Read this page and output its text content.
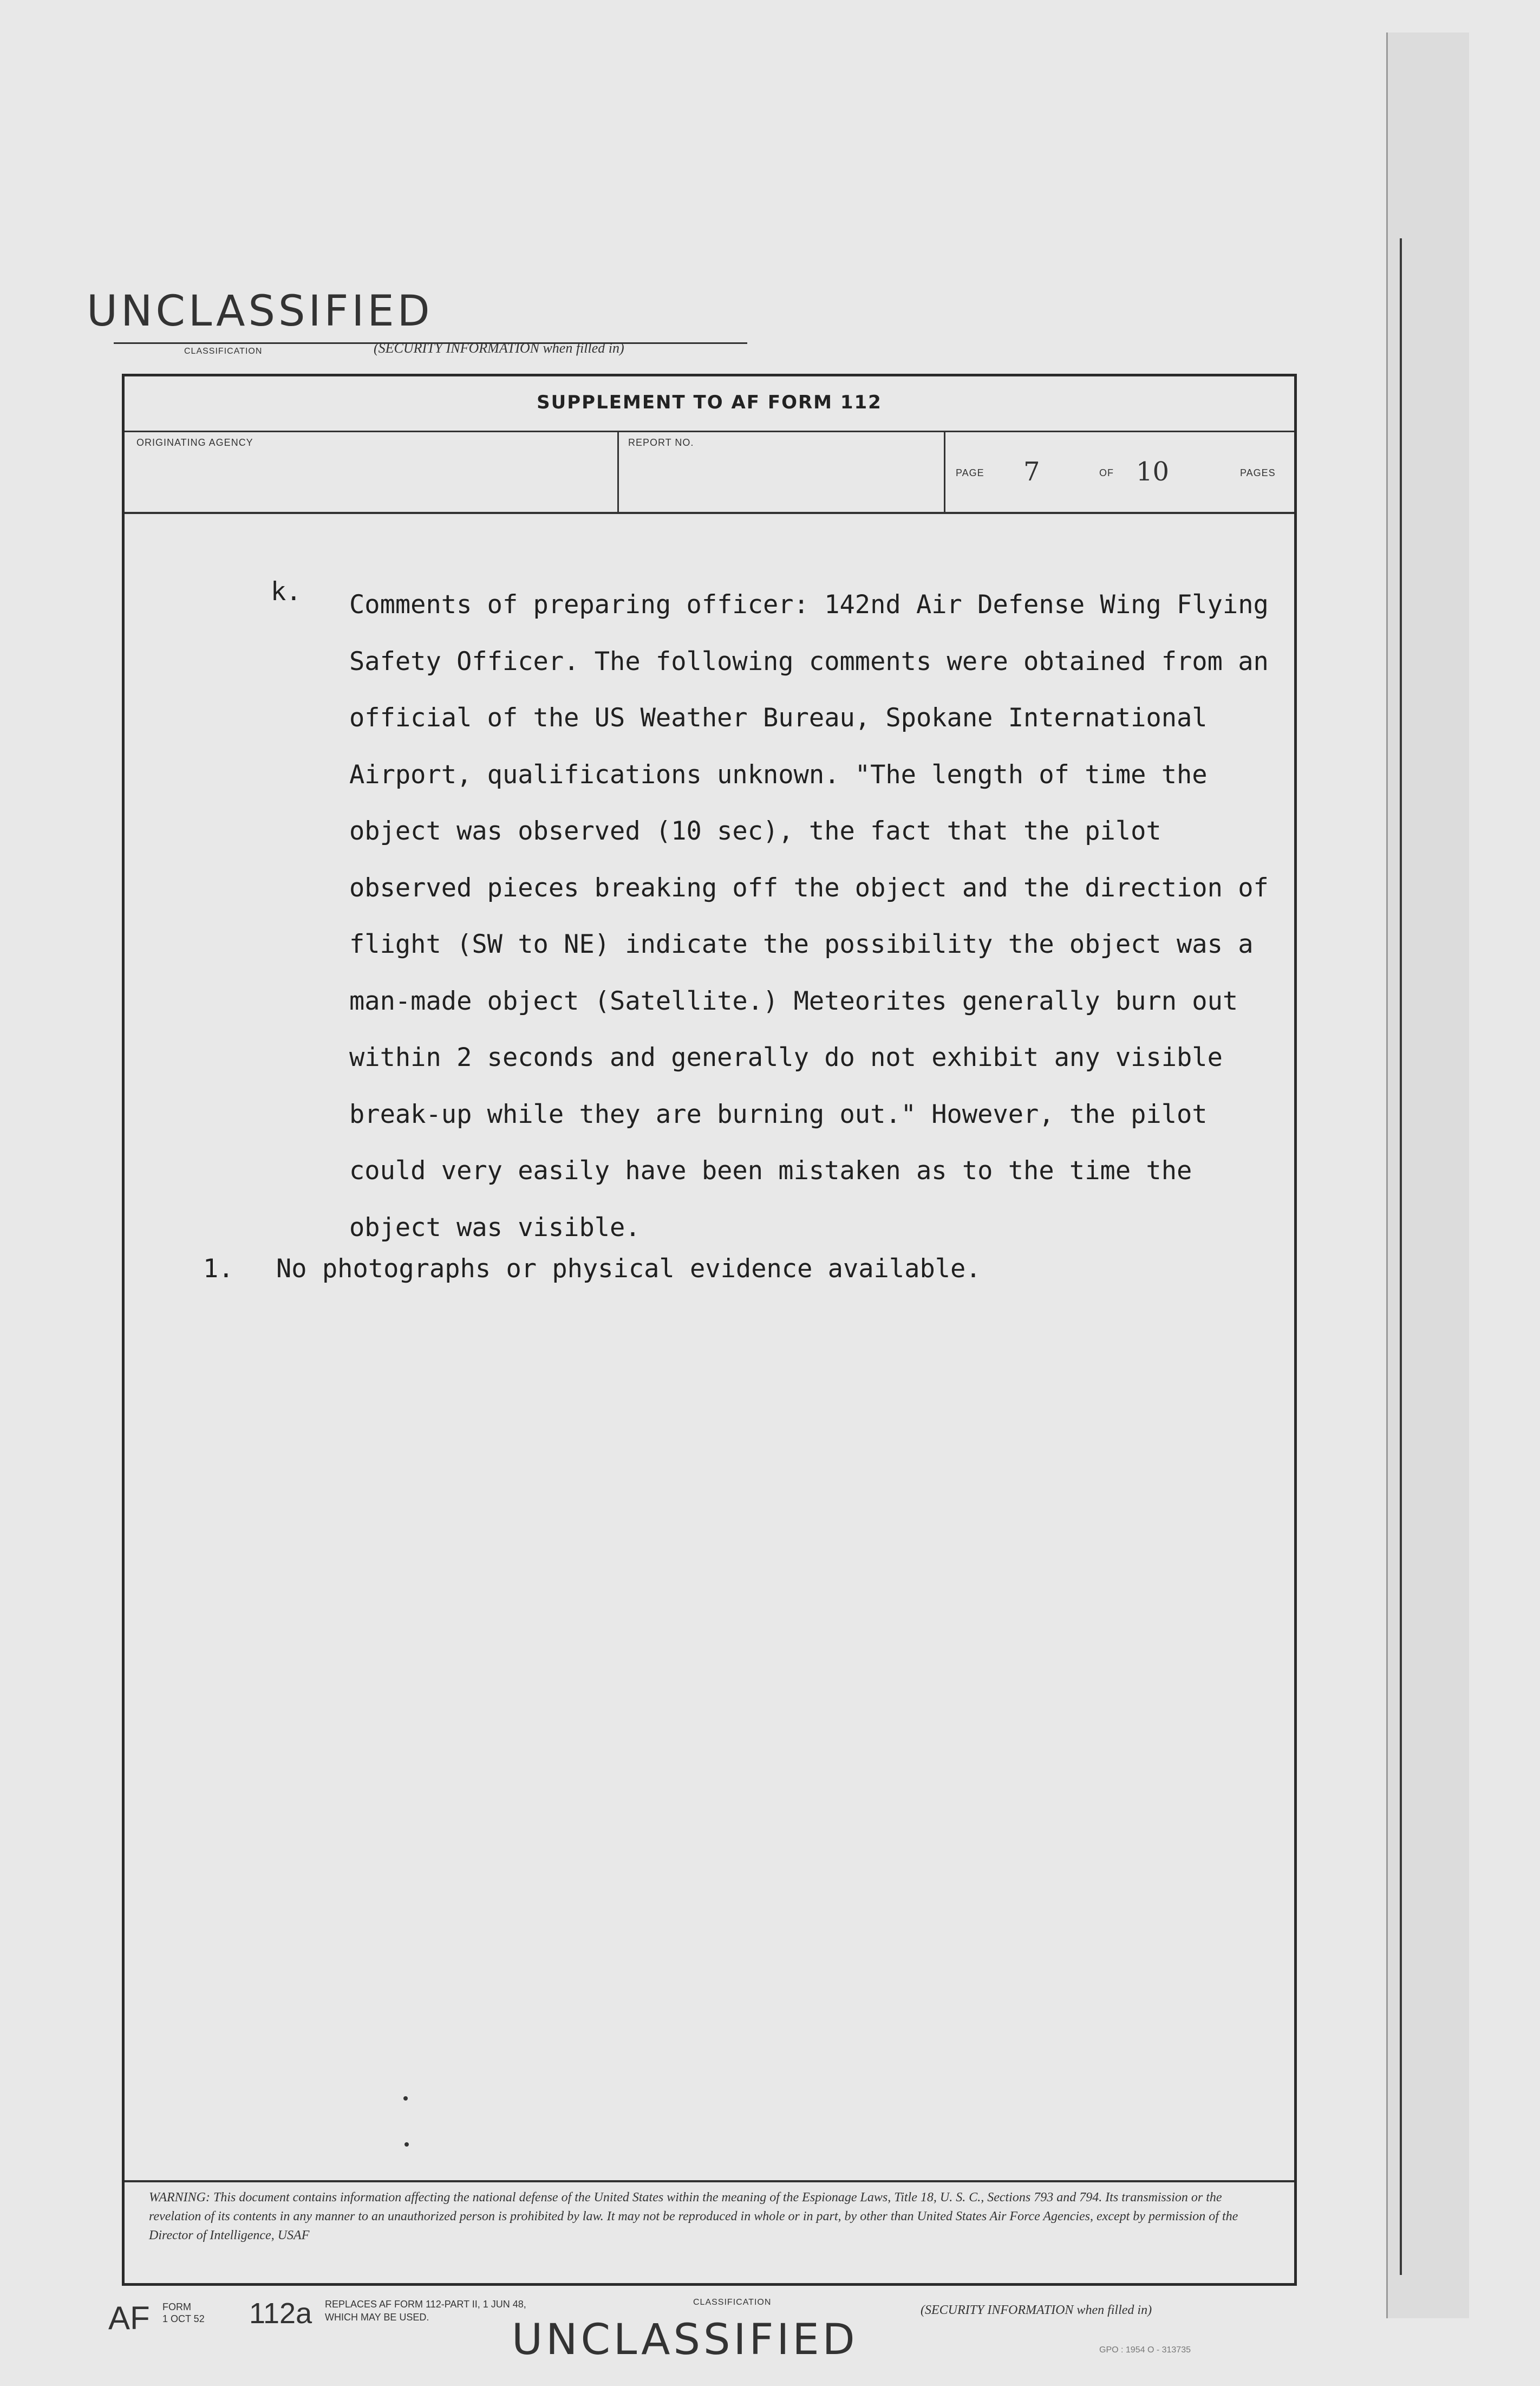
UNCLASSIFIED
CLASSIFICATION	(SECURITY INFORMATION when filled in)
SUPPLEMENT TO AF FORM 112
ORIGINATING AGENCY	REPORT NO.
PAGE 7	OF 10	PAGES
k. Comments of preparing officer: 142nd Air Defense Wing Flying Safety Officer. The following comments were obtained from an official of the US Weather Bureau, Spokane International Airport, qualifications unknown. "The length of time the object was observed (10 sec), the fact that the pilot observed pieces breaking off the object and the direction of flight (SW to NE) indicate the possibility the object was a man-made object (Satellite.) Meteorites generally burn out within 2 seconds and generally do not exhibit any visible break-up while they are burning out." However, the pilot could very easily have been mistaken as to the time the object was visible.
1. No photographs or physical evidence available.
WARNING: This document contains information affecting the national defense of the United States within the meaning of the Espionage Laws, Title 18, U. S. C., Sections 793 and 794. Its transmission or the revelation of its contents in any manner to an unauthorized person is prohibited by law. It may not be reproduced in whole or in part, by other than United States Air Force Agencies, except by permission of the Director of Intelligence, USAF
AF FORM
1 OCT 52 112a REPLACES AF FORM 112-PART II, 1 JUN 48,
WHICH MAY BE USED.
CLASSIFICATION
UNCLASSIFIED
(SECURITY INFORMATION when filled in)
GPO : 1954 O - 313735
